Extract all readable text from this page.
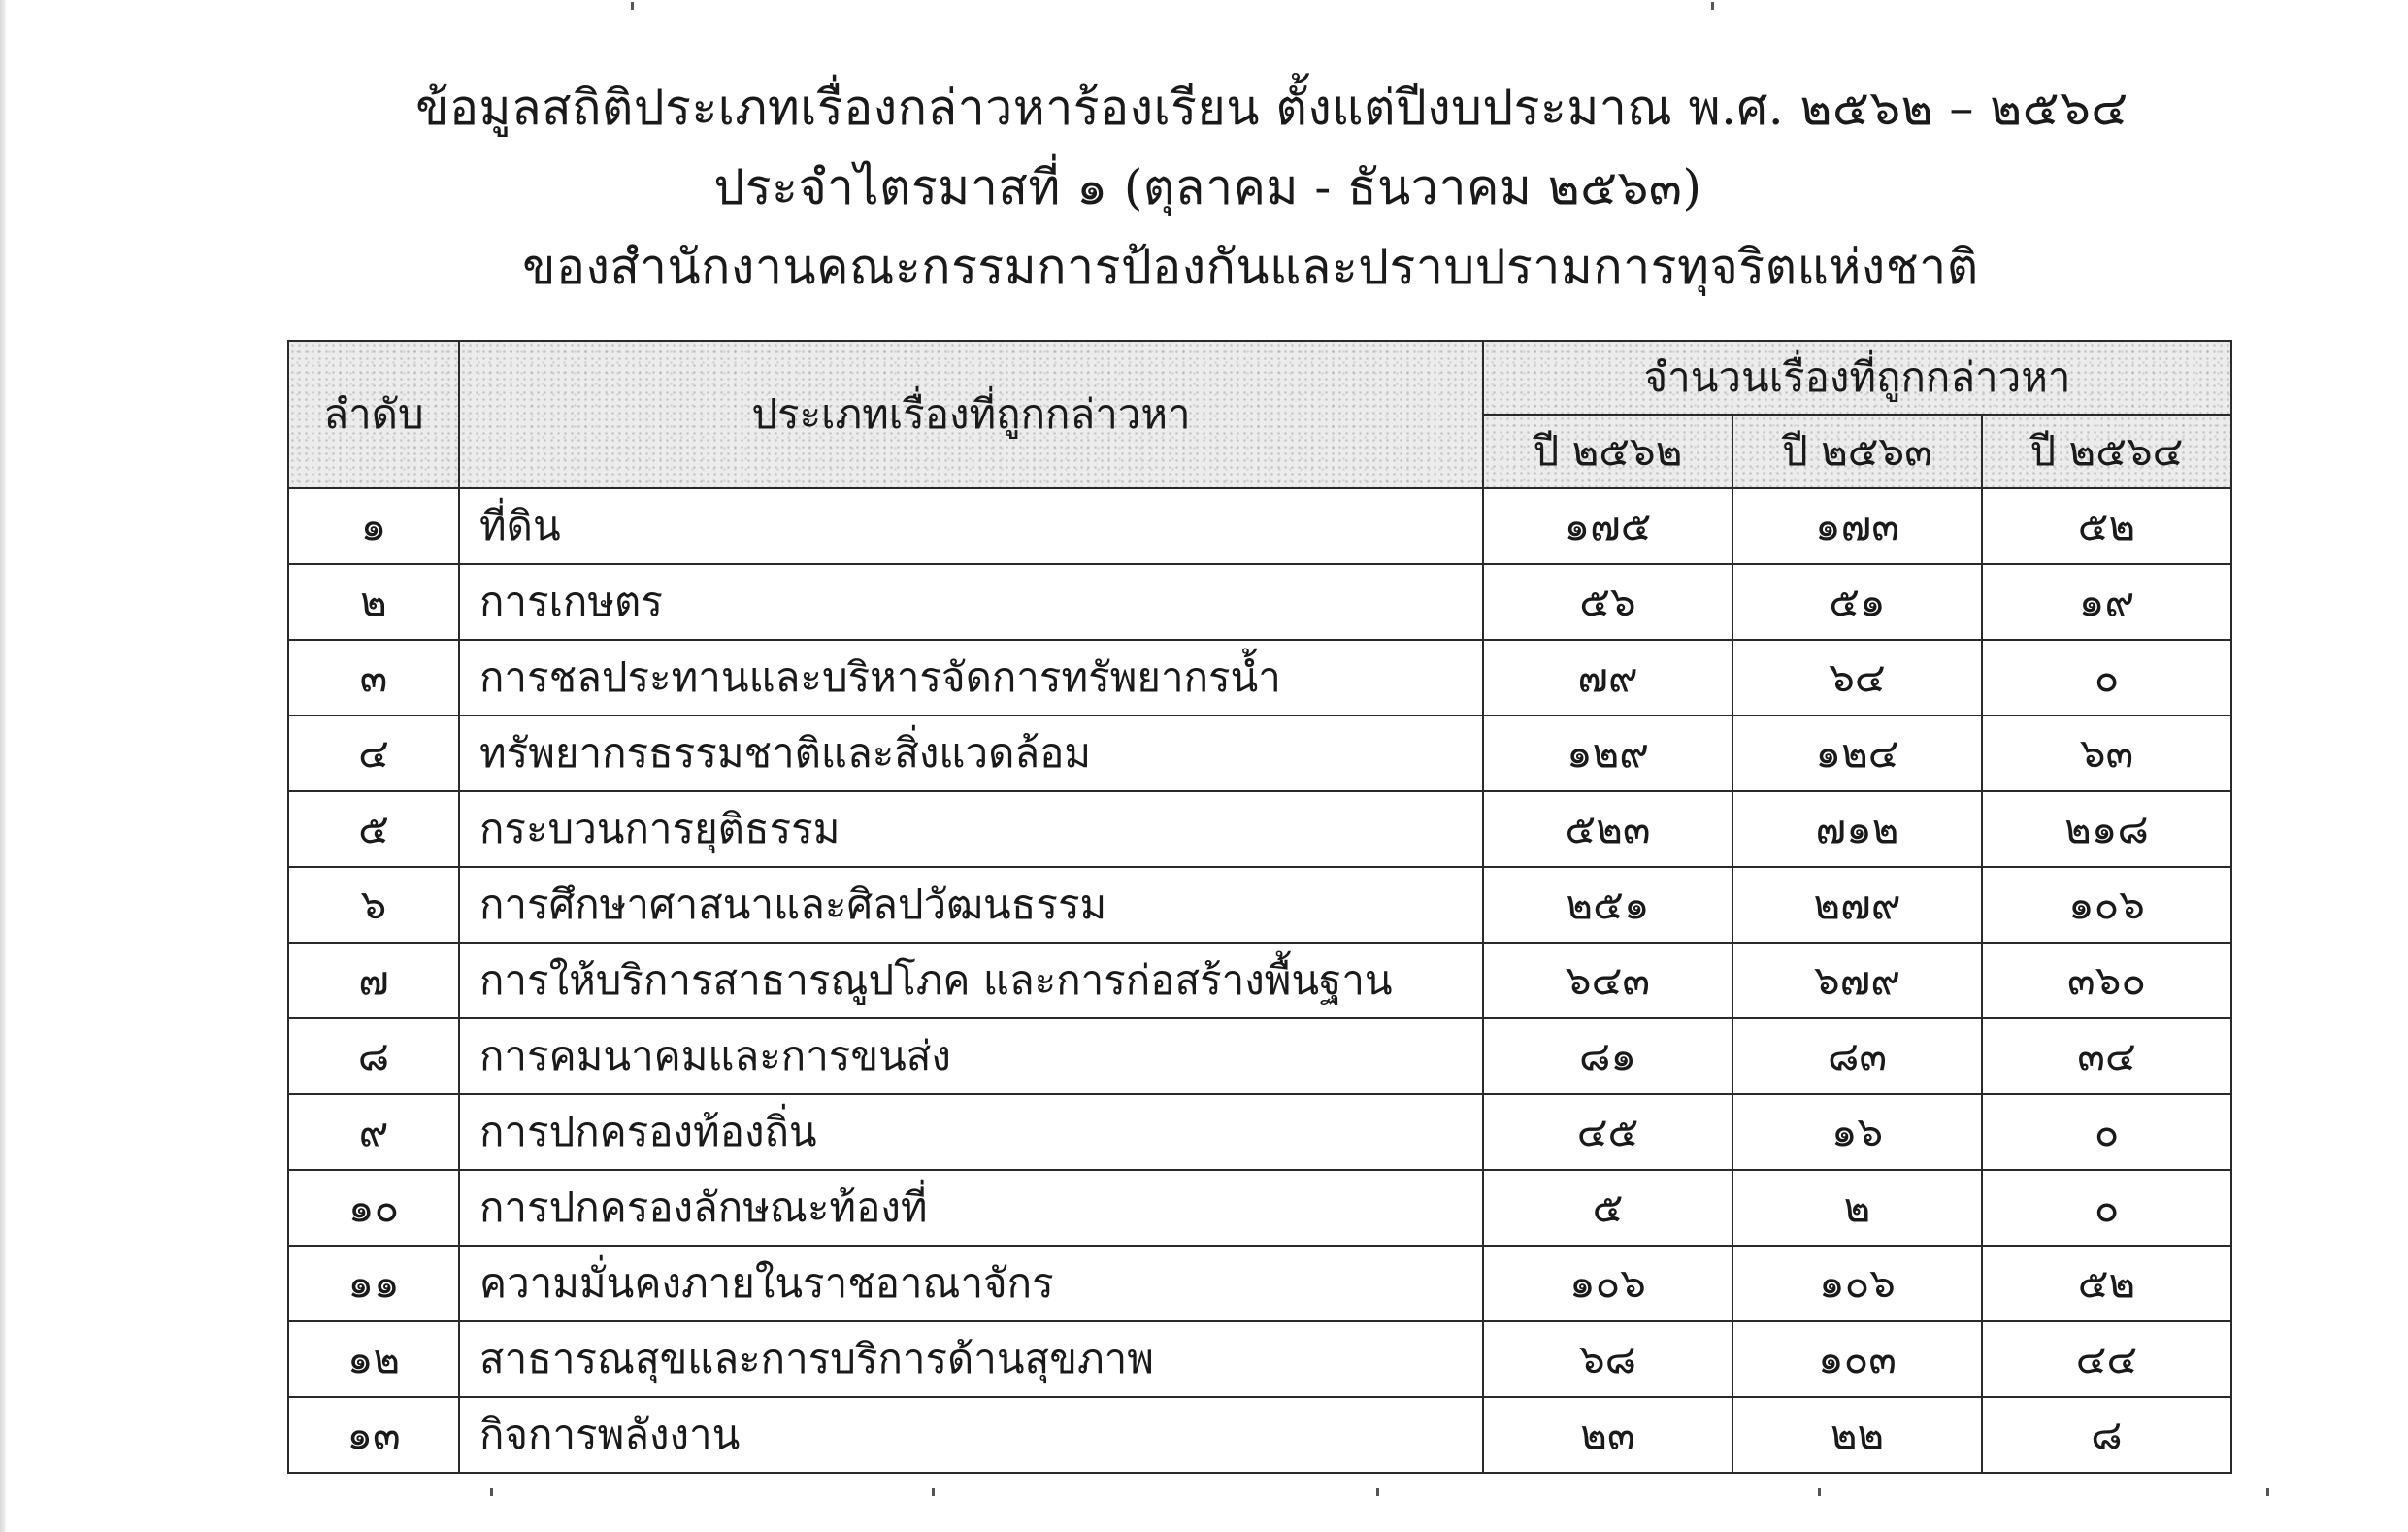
ข้อมูลสถิติประเภทเรื่องกล่าวหาร้องเรียน ตั้งแต่ปีงบประมาณ พ.ศ. ๒๕๖๒ – ๒๕๖๔
ประจำไตรมาสที่ ๑ (ตุลาคม - ธันวาคม ๒๕๖๓)
ของสำนักงานคณะกรรมการป้องกันและปราบปรามการทุจริตแห่งชาติ
ลำดับ	ประเภทเรื่องที่ถูกกล่าวหา	จำนวนเรื่องที่ถูกกล่าวหา		
		ปี ๒๕๖๒	ปี ๒๕๖๓	ปี ๒๕๖๔
๑	ที่ดิน	๑๗๕	๑๗๓	๕๒
๒	การเกษตร	๕๖	๕๑	๑๙
๓	การชลประทานและบริหารจัดการทรัพยากรน้ำ	๗๙	๖๔	๐
๔	ทรัพยากรธรรมชาติและสิ่งแวดล้อม	๑๒๙	๑๒๔	๖๓
๕	กระบวนการยุติธรรม	๕๒๓	๗๑๒	๒๑๘
๖	การศึกษาศาสนาและศิลปวัฒนธรรม	๒๕๑	๒๗๙	๑๐๖
๗	การให้บริการสาธารณูปโภค และการก่อสร้างพื้นฐาน	๖๔๓	๖๗๙	๓๖๐
๘	การคมนาคมและการขนส่ง	๘๑	๘๓	๓๔
๙	การปกครองท้องถิ่น	๔๕	๑๖	๐
๑๐	การปกครองลักษณะท้องที่	๕	๒	๐
๑๑	ความมั่นคงภายในราชอาณาจักร	๑๐๖	๑๐๖	๕๒
๑๒	สาธารณสุขและการบริการด้านสุขภาพ	๖๘	๑๐๓	๔๔
๑๓	กิจการพลังงาน	๒๓	๒๒	๘
